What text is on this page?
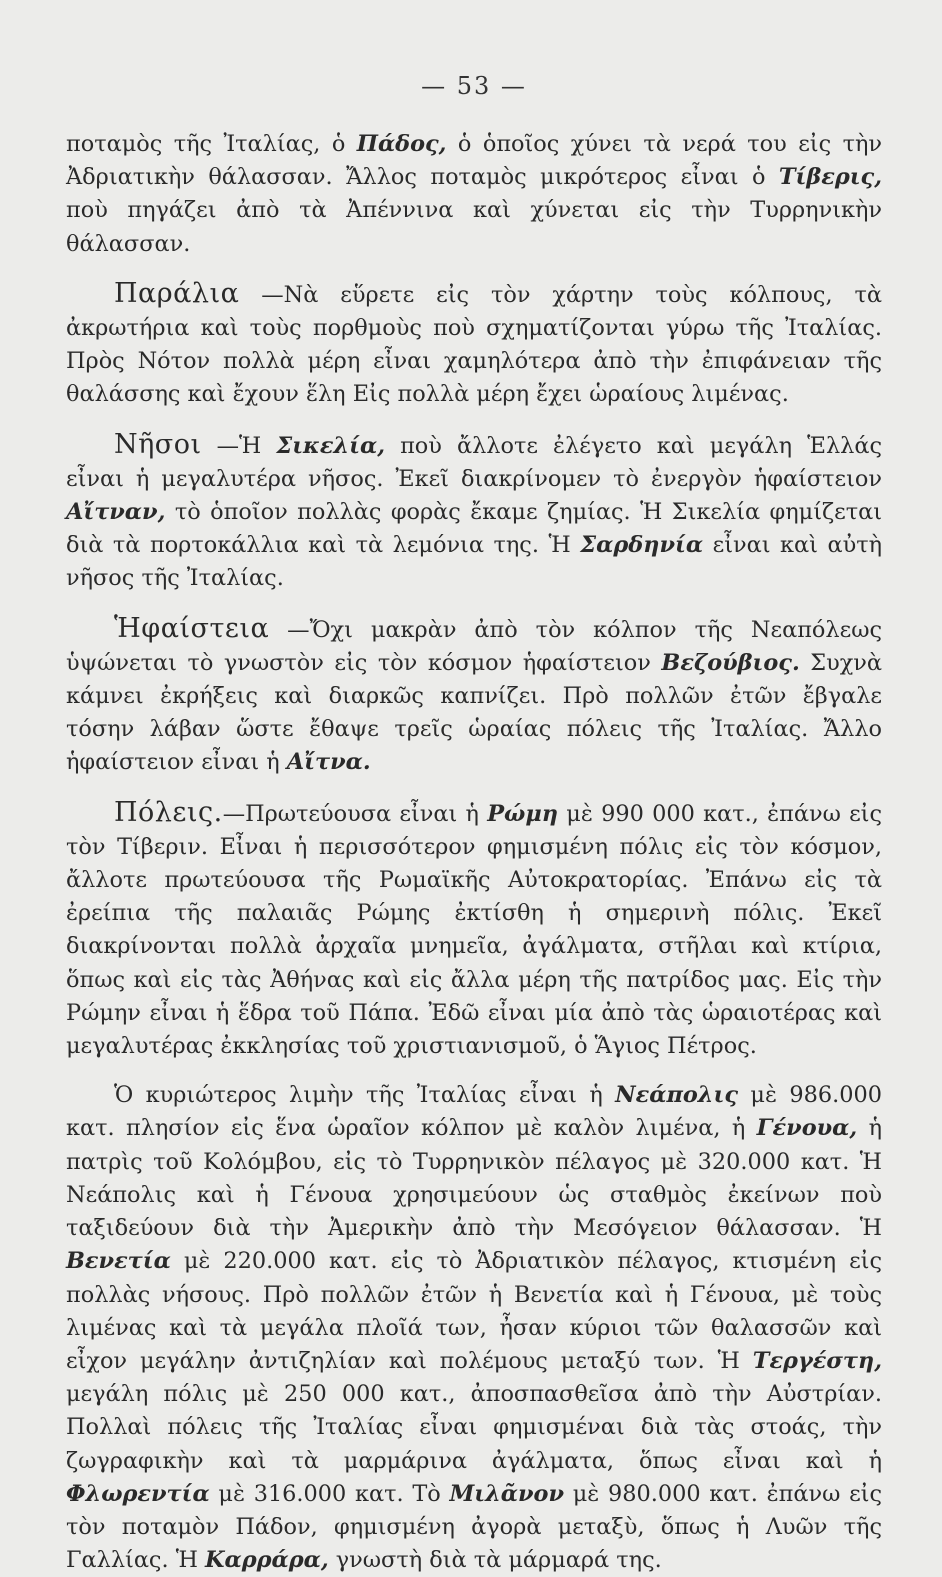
— 53 —

ποταμὸς τῆς Ἰταλίας, ὁ Πάδος, ὁ ὁποῖος χύνει τὰ νερά του εἰς τὴν Ἀδριατικὴν θάλασσαν. Ἄλλος ποταμὸς μικρότερος εἶναι ὁ Τίβερις, ποὺ πηγάζει ἀπὸ τὰ Ἀπέννινα καὶ χύνεται εἰς τὴν Τυρρηνικὴν θάλασσαν.

Παράλια —Νὰ εὕρετε εἰς τὸν χάρτην τοὺς κόλπους, τὰ ἀκρωτήρια καὶ τοὺς πορθμοὺς ποὺ σχηματίζονται γύρω τῆς Ἰταλίας. Πρὸς Νότον πολλὰ μέρη εἶναι χαμηλότερα ἀπὸ τὴν ἐπιφάνειαν τῆς θαλάσσης καὶ ἔχουν ἕλη Εἰς πολλὰ μέρη ἔχει ὡραίους λιμένας.

Νῆσοι —Ἡ Σικελία, ποὺ ἄλλοτε ἐλέγετο καὶ μεγάλη Ἑλλάς εἶναι ἡ μεγαλυτέρα νῆσος. Ἐκεῖ διακρίνομεν τὸ ἐνεργὸν ἡφαίστειον Αἴτναν, τὸ ὁποῖον πολλὰς φορὰς ἔκαμε ζημίας. Ἡ Σικελία φημίζεται διὰ τὰ πορτοκάλλια καὶ τὰ λεμόνια της. Ἡ Σαρδηνία εἶναι καὶ αὐτὴ νῆσος τῆς Ἰταλίας.

Ἡφαίστεια —Ὄχι μακρὰν ἀπὸ τὸν κόλπον τῆς Νεαπόλεως ὑψώνεται τὸ γνωστὸν εἰς τὸν κόσμον ἡφαίστειον Βεζούβιος. Συχνὰ κάμνει ἐκρήξεις καὶ διαρκῶς καπνίζει. Πρὸ πολλῶν ἐτῶν ἔβγαλε τόσην λάβαν ὥστε ἔθαψε τρεῖς ὡραίας πόλεις τῆς Ἰταλίας. Ἄλλο ἡφαίστειον εἶναι ἡ Αἴτνα.

Πόλεις.—Πρωτεύουσα εἶναι ἡ Ρώμη μὲ 990 000 κατ., ἐπάνω εἰς τὸν Τίβεριν. Εἶναι ἡ περισσότερον φημισμένη πόλις εἰς τὸν κόσμον, ἄλλοτε πρωτεύουσα τῆς Ρωμαϊκῆς Αὐτοκρατορίας. Ἐπάνω εἰς τὰ ἐρείπια τῆς παλαιᾶς Ρώμης ἐκτίσθη ἡ σημερινὴ πόλις. Ἐκεῖ διακρίνονται πολλὰ ἀρχαῖα μνημεῖα, ἀγάλματα, στῆλαι καὶ κτίρια, ὅπως καὶ εἰς τὰς Ἀθήνας καὶ εἰς ἄλλα μέρη τῆς πατρίδος μας. Εἰς τὴν Ρώμην εἶναι ἡ ἕδρα τοῦ Πάπα. Ἐδῶ εἶναι μία ἀπὸ τὰς ὡραιοτέρας καὶ μεγαλυτέρας ἐκκλησίας τοῦ χριστιανισμοῦ, ὁ Ἅγιος Πέτρος.

Ὁ κυριώτερος λιμὴν τῆς Ἰταλίας εἶναι ἡ Νεάπολις μὲ 986.000 κατ. πλησίον εἰς ἕνα ὡραῖον κόλπον μὲ καλὸν λιμένα, ἡ Γένουα, ἡ πατρὶς τοῦ Κολόμβου, εἰς τὸ Τυρρηνικὸν πέλαγος μὲ 320.000 κατ. Ἡ Νεάπολις καὶ ἡ Γένουα χρησιμεύουν ὡς σταθμὸς ἐκείνων ποὺ ταξιδεύουν διὰ τὴν Ἀμερικὴν ἀπὸ τὴν Μεσόγειον θάλασσαν. Ἡ Βενετία μὲ 220.000 κατ. εἰς τὸ Ἀδριατικὸν πέλαγος, κτισμένη εἰς πολλὰς νήσους. Πρὸ πολλῶν ἐτῶν ἡ Βενετία καὶ ἡ Γένουα, μὲ τοὺς λιμένας καὶ τὰ μεγάλα πλοῖά των, ἦσαν κύριοι τῶν θαλασσῶν καὶ εἶχον μεγάλην ἀντιζηλίαν καὶ πολέμους μεταξύ των. Ἡ Τεργέστη, μεγάλη πόλις μὲ 250 000 κατ., ἀποσπασθεῖσα ἀπὸ τὴν Αὐστρίαν. Πολλαὶ πόλεις τῆς Ἰταλίας εἶναι φημισμέναι διὰ τὰς στοάς, τὴν ζωγραφικὴν καὶ τὰ μαρμάρινα ἀγάλματα, ὅπως εἶναι καὶ ἡ Φλωρεντία μὲ 316.000 κατ. Τὸ Μιλᾶνον μὲ 980.000 κατ. ἐπάνω εἰς τὸν ποταμὸν Πάδον, φημισμένη ἀγορὰ μεταξὺ, ὅπως ἡ Λυῶν τῆς Γαλλίας. Ἡ Καρράρα, γνωστὴ διὰ τὰ μάρμαρά της.
